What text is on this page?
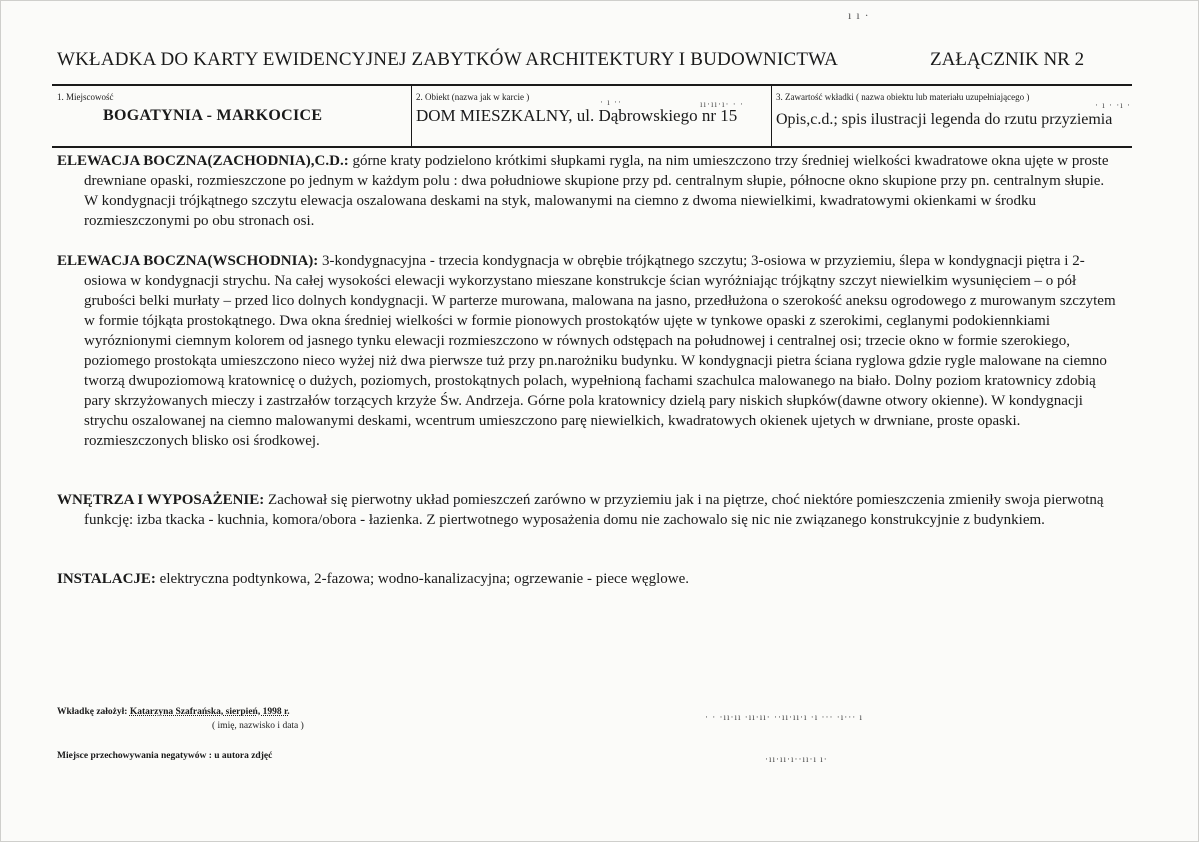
WKŁADKA DO KARTY EWIDENCYJNEJ ZABYTKÓW ARCHITEKTURY I BUDOWNICTWA	ZAŁĄCZNIK NR 2
1. Miejscowość
BOGATYNIA - MARKOCICE
2. Obiekt (nazwa jak w karcie )
DOM MIESZKALNY, ul. Dąbrowskiego nr 15
3. Zawartość wkładki ( nazwa obiektu lub materiału uzupełniającego )
Opis,c.d.; spis ilustracji legenda do rzutu przyziemia
· ı ··	ıı·ıı·ı· · ·	· ı · ·ı ·
ı ı ·

ELEWACJA BOCZNA(ZACHODNIA),C.D.: górne kraty podzielono krótkimi słupkami rygla, na nim umieszczono trzy średniej wielkości kwadratowe okna ujęte w proste drewniane opaski, rozmieszczone po jednym w każdym polu : dwa południowe skupione przy pd. centralnym słupie, północne okno skupione przy pn. centralnym słupie. W kondygnacji trójkątnego szczytu elewacja oszalowana deskami na styk, malowanymi na ciemno z dwoma niewielkimi, kwadratowymi okienkami w środku rozmieszczonymi po obu stronach osi.

ELEWACJA BOCZNA(WSCHODNIA): 3-kondygnacyjna - trzecia kondygnacja w obrębie trójkątnego szczytu; 3-osiowa w przyziemiu, ślepa w kondygnacji piętra i 2-osiowa w kondygnacji strychu. Na całej wysokości elewacji wykorzystano mieszane konstrukcje ścian wyróżniając trójkątny szczyt niewielkim wysunięciem – o pół grubości belki murłaty – przed lico dolnych kondygnacji. W parterze murowana, malowana na jasno, przedłużona o szerokość aneksu ogrodowego z murowanym szczytem w formie tójkąta prostokątnego. Dwa okna średniej wielkości w formie pionowych prostokątów ujęte w tynkowe opaski z szerokimi, ceglanymi podokiennkiami wyróznionymi ciemnym kolorem od jasnego tynku elewacji rozmieszczono w równych odstępach na połudnowej i centralnej osi; trzecie okno w formie szerokiego, poziomego prostokąta umieszczono nieco wyżej niż dwa pierwsze tuż przy pn.narożniku budynku. W kondygnacji pietra ściana ryglowa gdzie rygle malowane na ciemno tworzą dwupoziomową kratownicę o dużych, poziomych, prostokątnych polach, wypełnioną fachami szachulca malowanego na biało. Dolny poziom kratownicy zdobią pary skrzyżowanych mieczy i zastrzałów torzących krzyże Św. Andrzeja. Górne pola kratownicy dzielą pary niskich słupków(dawne otwory okienne). W kondygnacji strychu oszalowanej na ciemno malowanymi deskami, wcentrum umieszczono parę niewielkich, kwadratowych okienek ujetych w drwniane, proste opaski. rozmieszczonych blisko osi środkowej.

WNĘTRZA I WYPOSAŻENIE: Zachował się pierwotny układ pomieszczeń zarówno w przyziemiu jak i na piętrze, choć niektóre pomieszczenia zmieniły swoja pierwotną funkcję: izba tkacka - kuchnia, komora/obora - łazienka. Z piertwotnego wyposażenia domu nie zachowalo się nic nie związanego konstrukcyjnie z budynkiem.

INSTALACJE: elektryczna podtynkowa, 2-fazowa; wodno-kanalizacyjna; ogrzewanie - piece węglowe.

Wkładkę założył: Katarzyna Szafrańska, sierpień, 1998 r.
( imię, nazwisko i data )
Miejsce przechowywania negatywów : u autora zdjęć
· · ·ıı·ıı ·ıı·ıı· ··ıı·ıı·ı ·ı ··· ·ı··· ı
·ıı·ıı·ı··ıı·ı ı·
